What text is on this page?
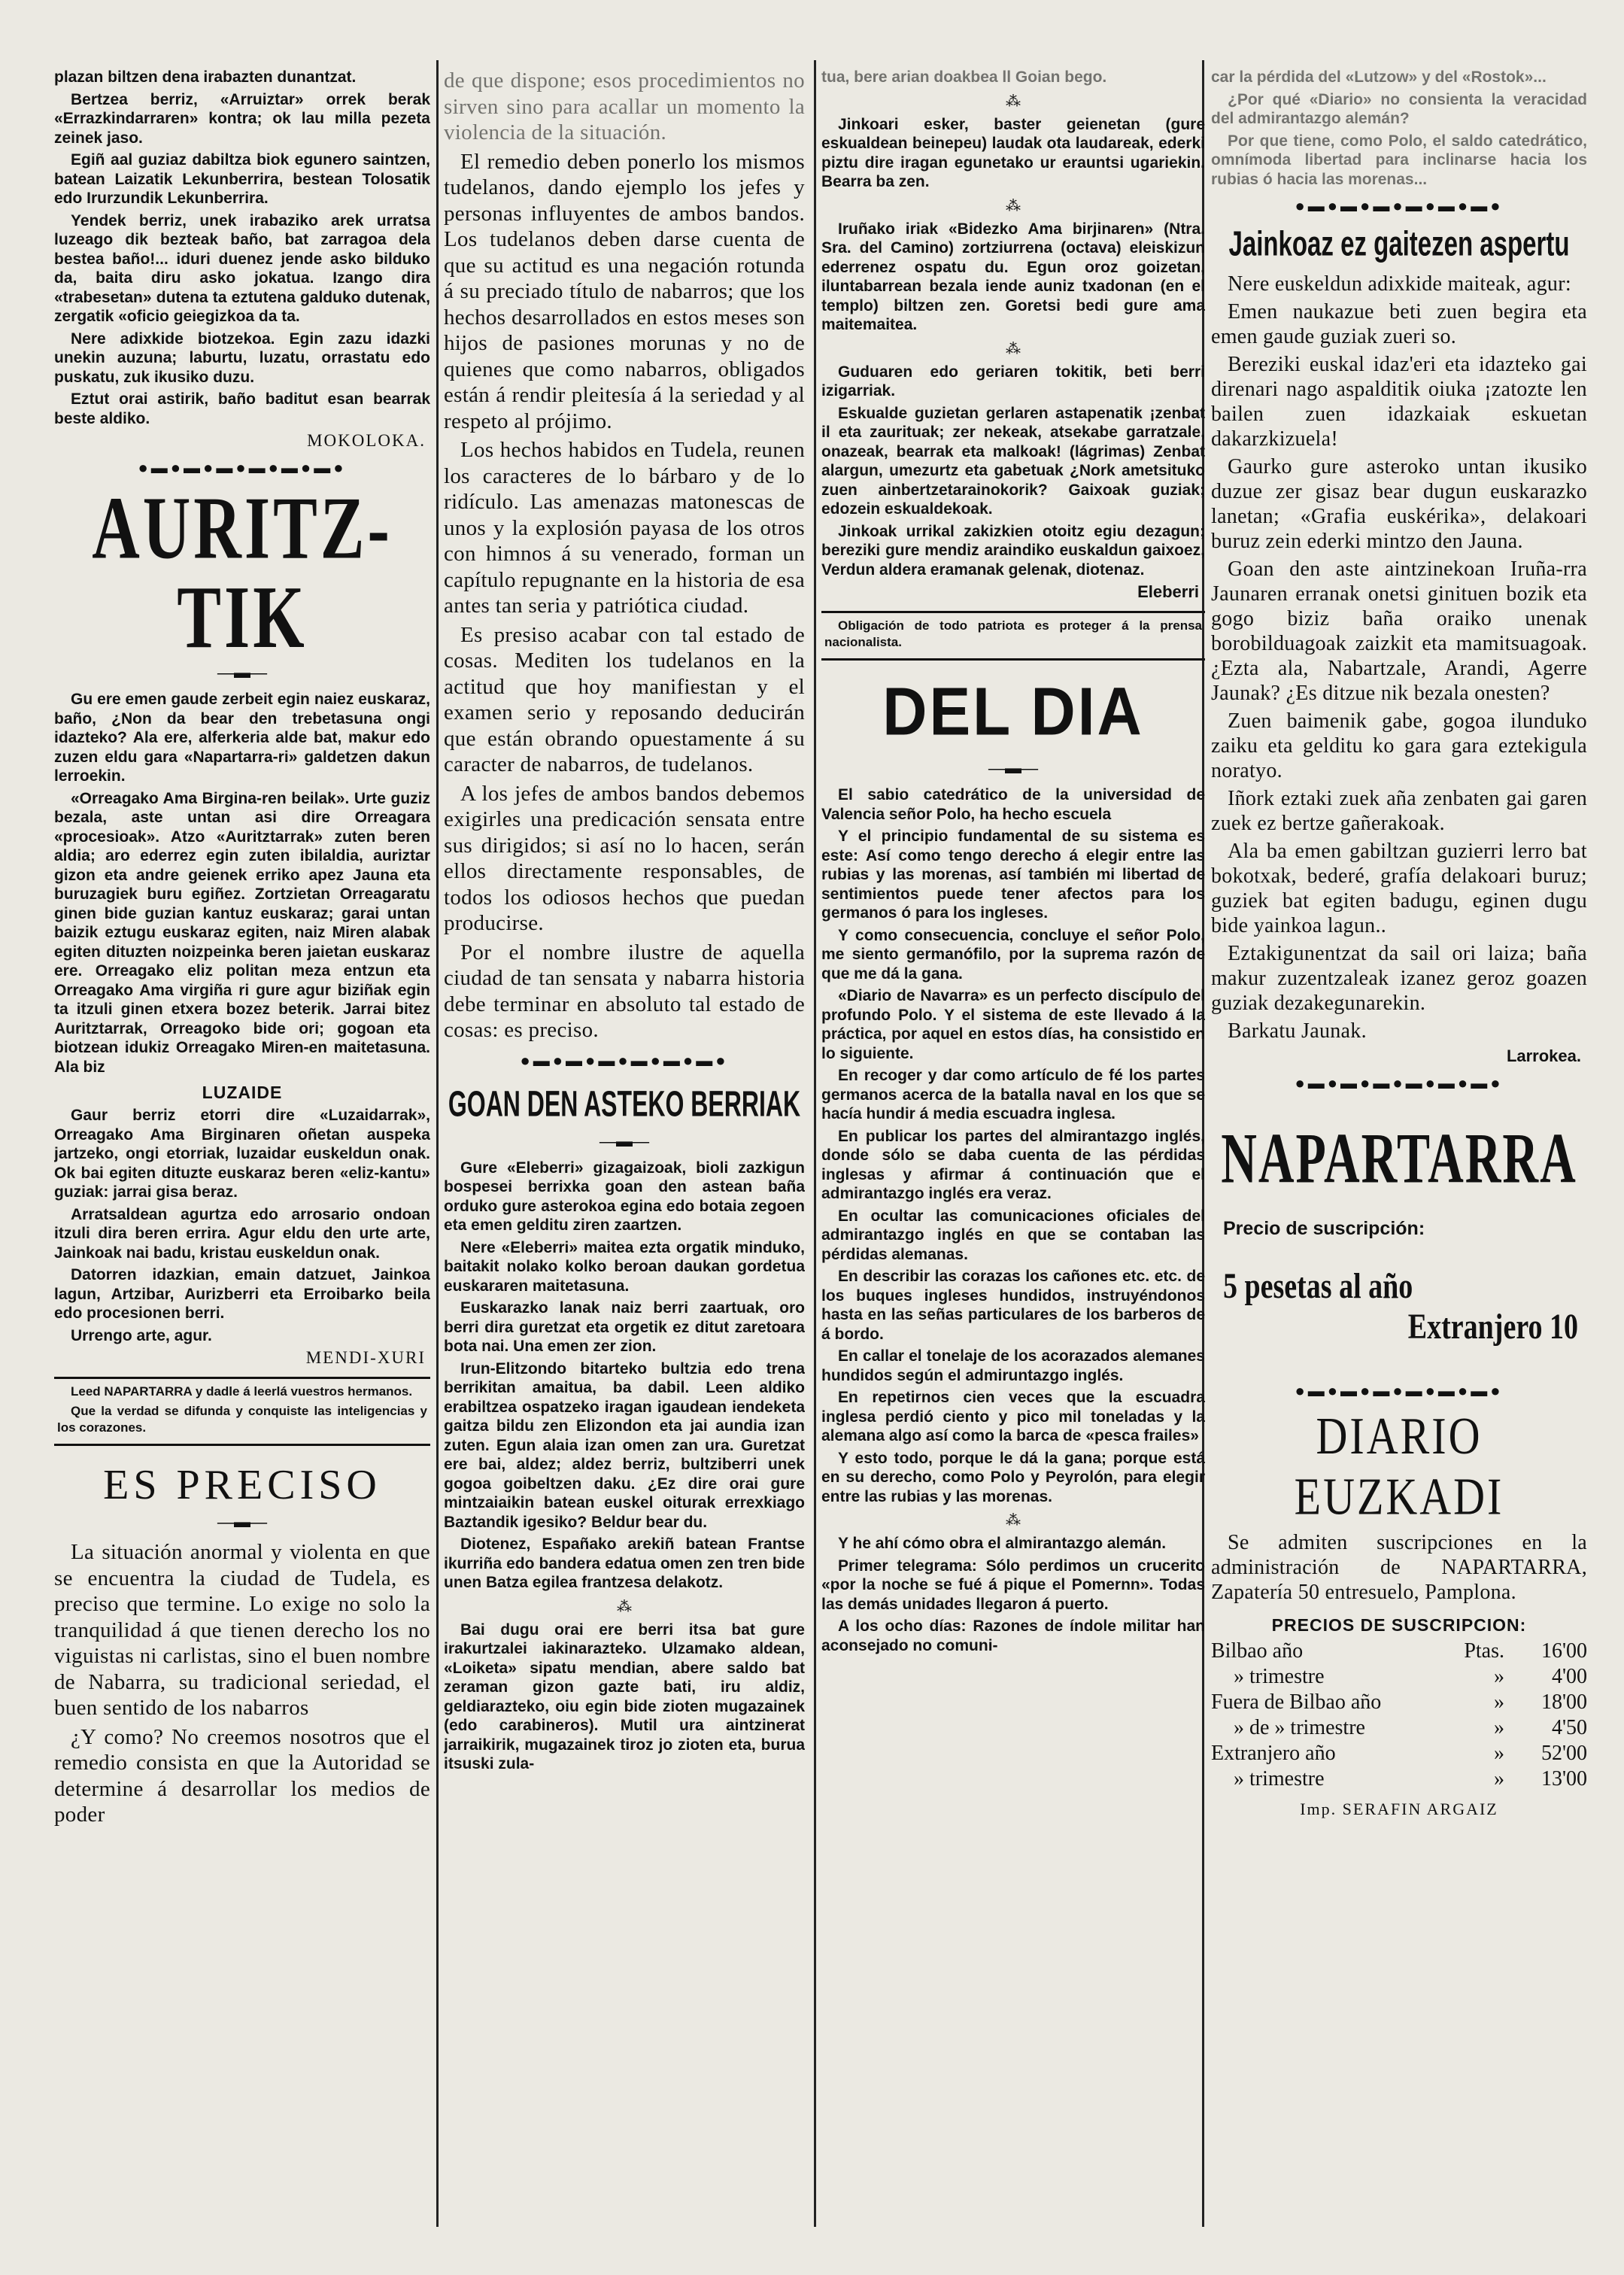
plazan biltzen dena irabazten dunantzat.

Bertzea berriz, «Arruiztar» orrek berak «Errazkindarraren» kontra; ok lau milla pezeta zeinek jaso.

Egiñ aal guziaz dabiltza biok egunero saintzen, batean Laizatik Lekunberrira, bestean Tolosatik edo Irurzundik Lekunberrira.

Yendek berriz, unek irabaziko arek urratsa luzeago dik bezteak baño, bat zarragoa dela bestea baño!... iduri duenez jende asko bilduko da, baita diru asko jokatua. Izango dira «trabesetan» dutena ta eztutena galduko dutenak, zergatik «oficio geiegizkoa da ta.

Nere adixkide biotzekoa. Egin zazu idazki unekin auzuna; laburtu, luzatu, orrastatu edo puskatu, zuk ikusiko duzu.

Eztut orai astirik, baño baditut esan bearrak beste aldiko.

MOKOLOKA.
●▬●▬●▬●▬●▬●▬●
AURITZ-TIK
—▬—

Gu ere emen gaude zerbeit egin naiez euskaraz, baño, ¿Non da bear den trebetasuna ongi idazteko? Ala ere, alferkeria alde bat, makur edo zuzen eldu gara «Napartarra-ri» galdetzen dakun lerroekin.

«Orreagako Ama Birgina-ren beilak». Urte guziz bezala, aste untan asi dire Orreagara «procesioak». Atzo «Auritztarrak» zuten beren aldia; aro ederrez egin zuten ibilaldia, auriztar gizon eta andre geienek erriko apez Jauna eta buruzagiek buru egiñez. Zortzietan Orreagaratu ginen bide guzian kantuz euskaraz; garai untan baizik eztugu euskaraz egiten, naiz Miren alabak egiten dituzten noizpeinka beren jaietan euskaraz ere. Orreagako eliz politan meza entzun eta Orreagako Ama virgiña ri gure agur biziñak egin ta itzuli ginen etxera bozez beterik. Jarrai bitez Auritztarrak, Orreagoko bide ori; gogoan eta biotzean idukiz Orreagako Miren-en maitetasuna. Ala biz

LUZAIDE

Gaur berriz etorri dire «Luzaidarrak», Orreagako Ama Birginaren oñetan auspeka jartzeko, ongi etorriak, luzaidar euskeldun onak. Ok bai egiten dituzte euskaraz beren «eliz-kantu» guziak: jarrai gisa beraz.

Arratsaldean agurtza edo arrosario ondoan itzuli dira beren errira. Agur eldu den urte arte, Jainkoak nai badu, kristau euskeldun onak.

Datorren idazkian, emain datzuet, Jainkoa lagun, Artzibar, Aurizberri eta Erroibarko beila edo procesionen berri.

Urrengo arte, agur.

MENDI-XURI

Leed NAPARTARRA y dadle á leerlá vuestros hermanos.

Que la verdad se difunda y conquiste las inteligencias y los corazones.

ES PRECISO
—▬—

La situación anormal y violenta en que se encuentra la ciudad de Tudela, es preciso que termine. Lo exige no solo la tranquilidad á que tienen derecho los no viguistas ni carlistas, sino el buen nombre de Nabarra, su tradicional seriedad, el buen sentido de los nabarros

¿Y como? No creemos nosotros que el remedio consista en que la Autoridad se determine á desarrollar los medios de poder

de que dispone; esos procedimientos no sirven sino para acallar un momento la violencia de la situación.

El remedio deben ponerlo los mismos tudelanos, dando ejemplo los jefes y personas influyentes de ambos bandos. Los tudelanos deben darse cuenta de que su actitud es una negación rotunda á su preciado título de nabarros; que los hechos desarrollados en estos meses son hijos de pasiones morunas y no de quienes que como nabarros, obligados están á rendir pleitesía á la seriedad y al respeto al prójimo.

Los hechos habidos en Tudela, reunen los caracteres de lo bárbaro y de lo ridículo. Las amenazas matonescas de unos y la explosión payasa de los otros con himnos á su venerado, forman un capítulo repugnante en la historia de esa antes tan seria y patriótica ciudad.

Es presiso acabar con tal estado de cosas. Mediten los tudelanos en la actitud que hoy manifiestan y el examen serio y reposando deducirán que están obrando opuestamente á su caracter de nabarros, de tudelanos.

A los jefes de ambos bandos debemos exigirles una predicación sensata entre sus dirigidos; si así no lo hacen, serán ellos directamente responsables, de todos los odiosos hechos que puedan producirse.

Por el nombre ilustre de aquella ciudad de tan sensata y nabarra historia debe terminar en absoluto tal estado de cosas: es preciso.

●▬●▬●▬●▬●▬●▬●
GOAN DEN ASTEKO BERRIAK
—▬—

Gure «Eleberri» gizagaizoak, bioli zazkigun bospesei berrixka goan den astean baña orduko gure asterokoa egina edo botaia zegoen eta emen gelditu ziren zaartzen.

Nere «Eleberri» maitea ezta orgatik minduko, baitakit nolako kolko beroan daukan gordetua euskararen maitetasuna.

Euskarazko lanak naiz berri zaartuak, oro berri dira guretzat eta orgetik ez ditut zaretoara bota nai. Una emen zer zion.

Irun-Elitzondo bitarteko bultzia edo trena berrikitan amaitua, ba dabil. Leen aldiko erabiltzea ospatzeko iragan igaudean iendeketa gaitza bildu zen Elizondon eta jai aundia izan zuten. Egun alaia izan omen zan ura. Guretzat ere bai, aldez; aldez berriz, bultziberri unek gogoa goibeltzen daku. ¿Ez dire orai gure mintzaiaikin batean euskel oiturak errexkiago Baztandik igesiko? Beldur bear du.

Diotenez, Españako arekiñ batean Frantse ikurriña edo bandera edatua omen zen tren bide unen Batza egilea frantzesa delakotz.

⁂

Bai dugu orai ere berri itsa bat gure irakurtzalei iakinarazteko. Ulzamako aldean, «Loiketa» sipatu mendian, abere saldo bat zeraman gizon gazte bati, iru aldiz, geldiarazteko, oiu egin bide zioten mugazainek (edo carabineros). Mutil ura aintzinerat jarraikirik, mugazainek tiroz jo zioten eta, burua itsuski zula-

tua, bere arian doakbea ll Goian bego.

⁂

Jinkoari esker, baster geienetan (gure eskualdean beinepeu) laudak ota laudareak, ederki piztu dire iragan egunetako ur erauntsi ugariekin. Bearra ba zen.

⁂

Iruñako iriak «Bidezko Ama birjinaren» (Ntra. Sra. del Camino) zortziurrena (octava) eleiskizun ederrenez ospatu du. Egun oroz goizetan, iluntabarrean bezala iende auniz txadonan (en el templo) biltzen zen. Goretsi bedi gure ama maitemaitea.

⁂

Guduaren edo geriaren tokitik, beti berri izigarriak.

Eskualde guzietan gerlaren astapenatik ¡zenbat il eta zaurituak; zer nekeak, atsekabe garratzale, onazeak, bearrak eta malkoak! (lágrimas) Zenbat alargun, umezurtz eta gabetuak ¿Nork ametsituko zuen ainbertzetarainokorik? Gaixoak guziak; edozein eskualdekoak.

Jinkoak urrikal zakizkien otoitz egiu dezagun; bereziki gure mendiz araindiko euskaldun gaixoez, Verdun aldera eramanak gelenak, diotenaz.

Eleberri

Obligación de todo patriota es proteger á la prensa nacionalista.

DEL DIA
—▬—

El sabio catedrático de la universidad de Valencia señor Polo, ha hecho escuela

Y el principio fundamental de su sistema es este: Así como tengo derecho á elegir entre las rubias y las morenas, así también mi libertad de sentimientos puede tener afectos para los germanos ó para los ingleses.

Y como consecuencia, concluye el señor Polo, me siento germanófilo, por la suprema razón de que me dá la gana.

«Diario de Navarra» es un perfecto discípulo del profundo Polo. Y el sistema de este llevado á la práctica, por aquel en estos días, ha consistido en lo siguiente.

En recoger y dar como artículo de fé los partes germanos acerca de la batalla naval en los que se hacía hundir á media escuadra inglesa.

En publicar los partes del almirantazgo inglés, donde sólo se daba cuenta de las pérdidas inglesas y afirmar á continuación que el admirantazgo inglés era veraz.

En ocultar las comunicaciones oficiales del admirantazgo inglés en que se contaban las pérdidas alemanas.

En describir las corazas los cañones etc. etc. de los buques ingleses hundidos, instruyéndonos hasta en las señas particulares de los barberos de á bordo.

En callar el tonelaje de los acorazados alemanes hundidos según el admiruntazgo inglés.

En repetirnos cien veces que la escuadra inglesa perdió ciento y pico mil toneladas y la alemana algo así como la barca de «pesca frailes»

Y esto todo, porque le dá la gana; porque está en su derecho, como Polo y Peyrolón, para elegir entre las rubias y las morenas.

⁂

Y he ahí cómo obra el almirantazgo alemán.

Primer telegrama: Sólo perdimos un crucerito «por la noche se fué á pique el Pomernn». Todas las demás unidades llegaron á puerto.

A los ocho días: Razones de índole militar han aconsejado no comuni-

car la pérdida del «Lutzow» y del «Rostok»...

¿Por qué «Diario» no consienta la veracidad del admirantazgo alemán?

Por que tiene, como Polo, el saldo catedrático, omnímoda libertad para inclinarse hacia los rubias ó hacia las morenas...

●▬●▬●▬●▬●▬●▬●
Jainkoaz ez gaitezen aspertu

Nere euskeldun adixkide maiteak, agur:

Emen naukazue beti zuen begira eta emen gaude guziak zueri so.

Bereziki euskal idaz'eri eta idazteko gai direnari nago aspalditik oiuka ¡zatozte len bailen zuen idazkaiak eskuetan dakarzkizuela!

Gaurko gure asteroko untan ikusiko duzue zer gisaz bear dugun euskarazko lanetan; «Grafia euskérika», delakoari buruz zein ederki mintzo den Jauna.

Goan den aste aintzinekoan Iruña-rra Jaunaren erranak onetsi ginituen bozik eta gogo biziz baña oraiko unenak borobilduagoak zaizkit eta mamitsuagoak. ¿Ezta ala, Nabartzale, Arandi, Agerre Jaunak? ¿Es ditzue nik bezala onesten?

Zuen baimenik gabe, gogoa ilunduko zaiku eta gelditu ko gara gara eztekigula noratyo.

Iñork eztaki zuek aña zenbaten gai garen zuek ez bertze gañerakoak.

Ala ba emen gabiltzan guzierri lerro bat bokotxak, bederé, grafía delakoari buruz; guziek bat egiten badugu, eginen dugu bide yainkoa lagun..

Eztakigunentzat da sail ori laiza; baña makur zuzentzaleak izanez geroz goazen guziak dezakegunarekin.

Barkatu Jaunak.

Larrokea.
●▬●▬●▬●▬●▬●▬●
NAPARTARRA
Precio de suscripción:
5 pesetas al año
Extranjero 10
●▬●▬●▬●▬●▬●▬●
DIARIO EUZKADI

Se admiten suscripciones en la administración de NAPARTARRA, Zapatería 50 entresuelo, Pamplona.

PRECIOS DE SUSCRIPCION:
Bilbao año	Ptas.	16'00
» trimestre	»	4'00
Fuera de Bilbao año	»	18'00
» de » trimestre	»	4'50
Extranjero año	»	52'00
» trimestre	»	13'00
Imp. SERAFIN ARGAIZ
